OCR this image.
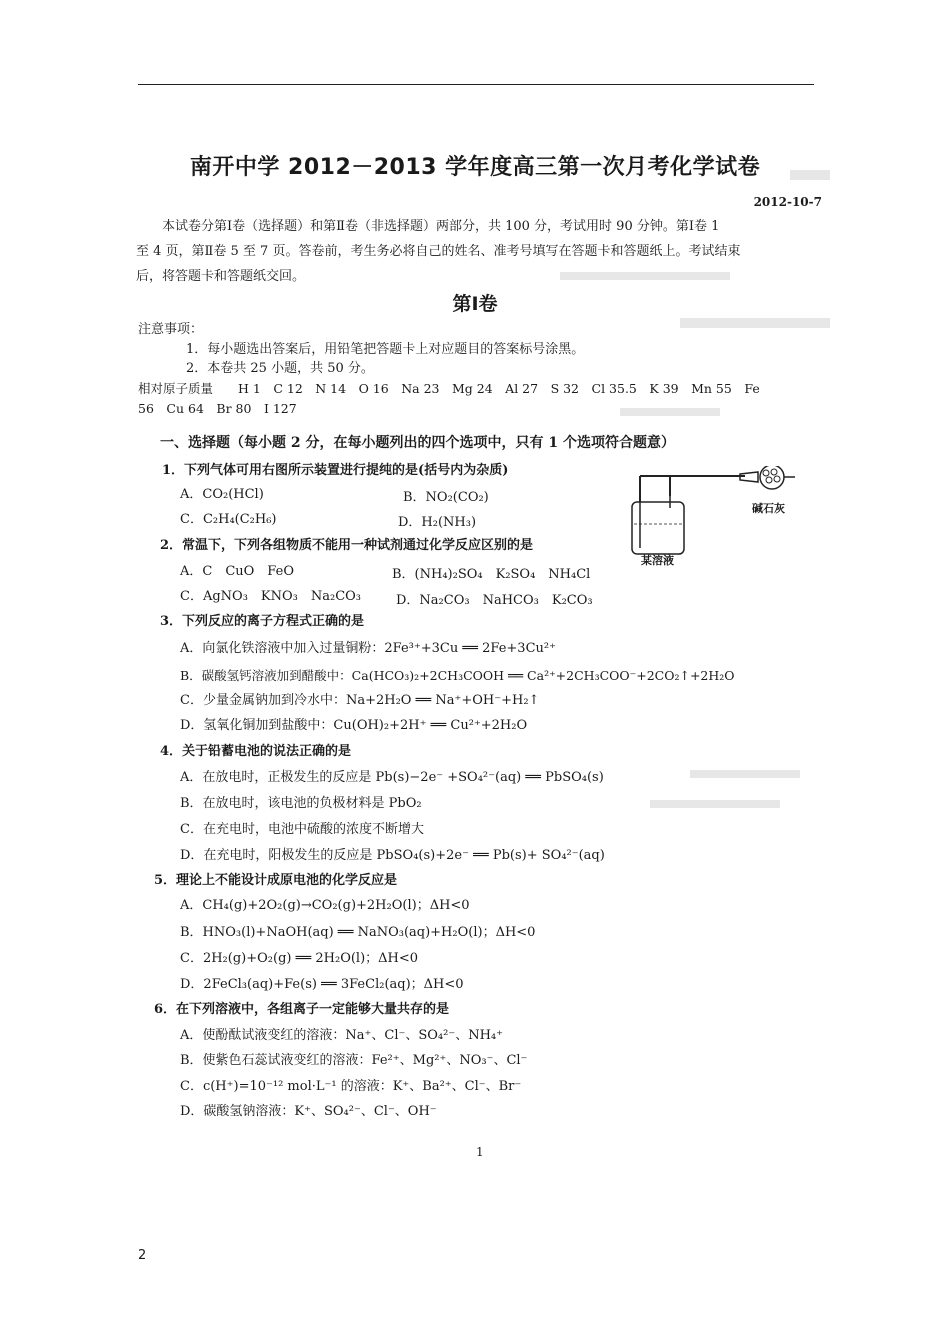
南开中学 2012－2013 学年度高三第一次月考化学试卷
2012-10-7
本试卷分第Ⅰ卷（选择题）和第Ⅱ卷（非选择题）两部分，共 100 分，考试用时 90 分钟。第Ⅰ卷 1
至 4 页，第Ⅱ卷 5 至 7 页。答卷前，考生务必将自己的姓名、准考号填写在答题卡和答题纸上。考试结束
后，将答题卡和答题纸交回。
第Ⅰ卷
注意事项：
1．每小题选出答案后，用铅笔把答题卡上对应题目的答案标号涂黑。
2．本卷共 25 小题，共 50 分。
相对原子质量　　H 1　C 12　N 14　O 16　Na 23　Mg 24　Al 27　S 32　Cl 35.5　K 39　Mn 55　Fe
56　Cu 64　Br 80　I 127
一、选择题（每小题 2 分，在每小题列出的四个选项中，只有 1 个选项符合题意）
碱石灰
某溶液
1．下列气体可用右图所示装置进行提纯的是(括号内为杂质)
A．CO₂(HCl)	B．NO₂(CO₂)
C．C₂H₄(C₂H₆)	D．H₂(NH₃)
2．常温下，下列各组物质不能用一种试剂通过化学反应区别的是
A．C　CuO　FeO	B．(NH₄)₂SO₄　K₂SO₄　NH₄Cl
C．AgNO₃　KNO₃　Na₂CO₃	D．Na₂CO₃　NaHCO₃　K₂CO₃
3．下列反应的离子方程式正确的是
A．向氯化铁溶液中加入过量铜粉：2Fe³⁺+3Cu ══ 2Fe+3Cu²⁺
B．碳酸氢钙溶液加到醋酸中：Ca(HCO₃)₂+2CH₃COOH ══ Ca²⁺+2CH₃COO⁻+2CO₂↑+2H₂O
C．少量金属钠加到冷水中：Na+2H₂O ══ Na⁺+OH⁻+H₂↑
D．氢氧化铜加到盐酸中：Cu(OH)₂+2H⁺ ══ Cu²⁺+2H₂O
4．关于铅蓄电池的说法正确的是
A．在放电时，正极发生的反应是 Pb(s)−2e⁻ +SO₄²⁻(aq) ══ PbSO₄(s)
B．在放电时，该电池的负极材料是 PbO₂
C．在充电时，电池中硫酸的浓度不断增大
D．在充电时，阳极发生的反应是 PbSO₄(s)+2e⁻ ══ Pb(s)+ SO₄²⁻(aq)
5．理论上不能设计成原电池的化学反应是
A．CH₄(g)+2O₂(g)→CO₂(g)+2H₂O(l)；ΔH<0
B．HNO₃(l)+NaOH(aq) ══ NaNO₃(aq)+H₂O(l)；ΔH<0
C．2H₂(g)+O₂(g) ══ 2H₂O(l)；ΔH<0
D．2FeCl₃(aq)+Fe(s) ══ 3FeCl₂(aq)；ΔH<0
6．在下列溶液中，各组离子一定能够大量共存的是
A．使酚酞试液变红的溶液：Na⁺、Cl⁻、SO₄²⁻、NH₄⁺
B．使紫色石蕊试液变红的溶液：Fe²⁺、Mg²⁺、NO₃⁻、Cl⁻
C．c(H⁺)=10⁻¹² mol·L⁻¹ 的溶液：K⁺、Ba²⁺、Cl⁻、Br⁻
D．碳酸氢钠溶液：K⁺、SO₄²⁻、Cl⁻、OH⁻
1
2
